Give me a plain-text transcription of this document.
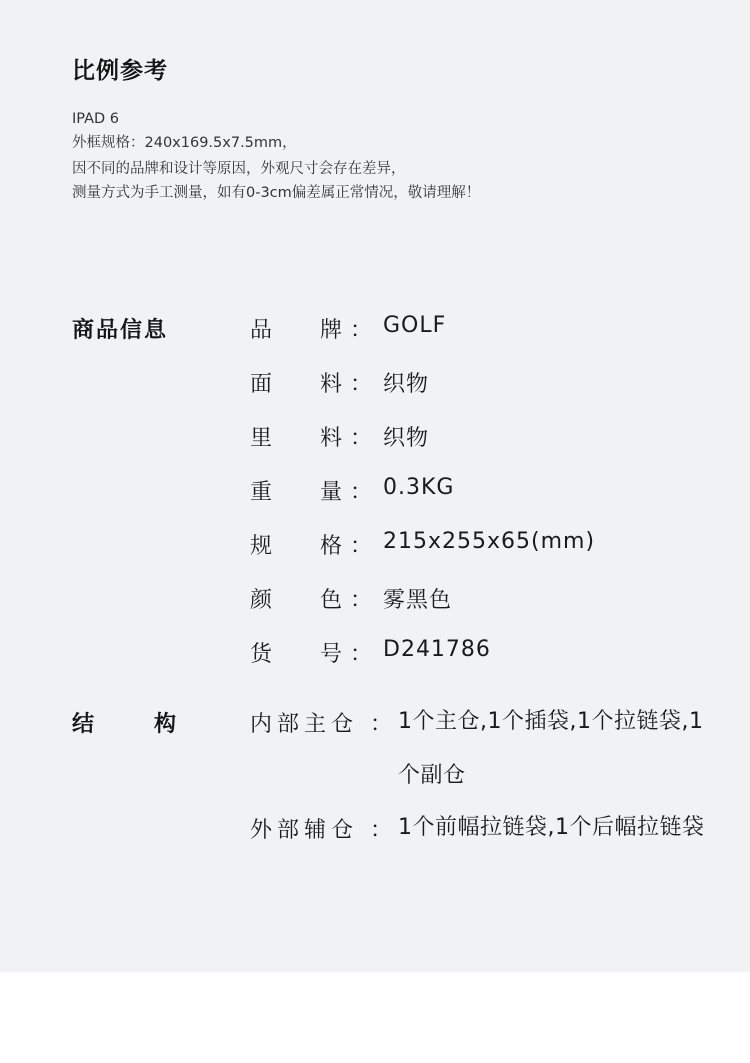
比例参考
IPAD 6
外框规格：240x169.5x7.5mm，
因不同的品牌和设计等原因，外观尺寸会存在差异，
测量方式为手工测量，如有0-3cm偏差属正常情况，敬请理解！
商品信息	品 牌 ： GOLF
面 料 ： 织物
里 料 ： 织物
重 量 ： 0.3KG
规 格 ： 215x255x65(mm)
颜 色 ： 雾黑色
货 号 ： D241786
结	构	内部主仓 ： 1个主仓,1个插袋,1个拉链袋,1个副仓
外部辅仓 ： 1个前幅拉链袋,1个后幅拉链袋
